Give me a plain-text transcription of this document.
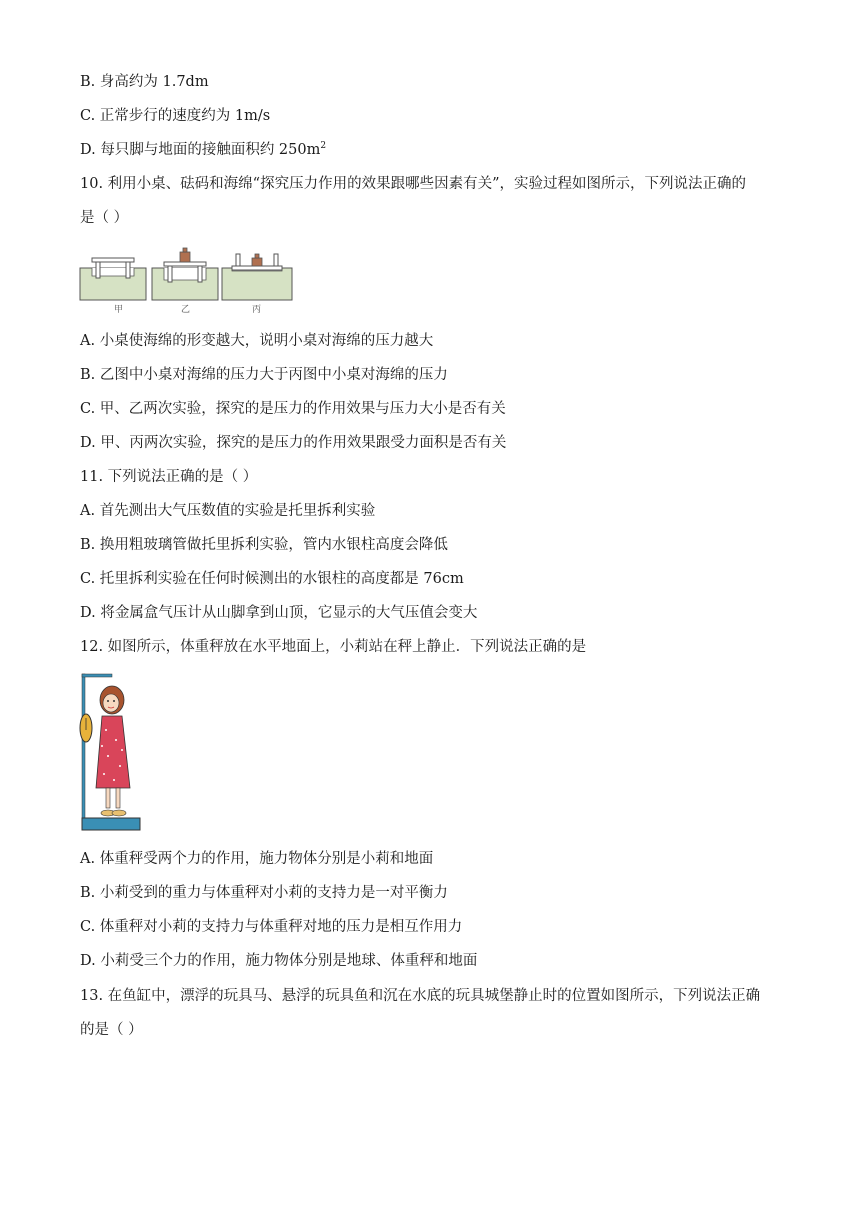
B. 身高约为 1.7dm
C. 正常步行的速度约为 1m/s
D. 每只脚与地面的接触面积约 $250m^2$
10. 利用小桌、砝码和海绵“探究压力作用的效果跟哪些因素有关”，实验过程如图所示，下列说法正确的
是（ ）
甲	乙	丙
A. 小桌使海绵的形变越大，说明小桌对海绵的压力越大
B. 乙图中小桌对海绵的压力大于丙图中小桌对海绵的压力
C. 甲、乙两次实验，探究的是压力的作用效果与压力大小是否有关
D. 甲、丙两次实验，探究的是压力的作用效果跟受力面积是否有关
11. 下列说法正确的是（ ）
A. 首先测出大气压数值的实验是托里拆利实验
B. 换用粗玻璃管做托里拆利实验，管内水银柱高度会降低
C. 托里拆利实验在任何时候测出的水银柱的高度都是 76cm
D. 将金属盒气压计从山脚拿到山顶，它显示的大气压值会变大
12. 如图所示，体重秤放在水平地面上，小莉站在秤上静止．下列说法正确的是
A. 体重秤受两个力的作用，施力物体分别是小莉和地面
B. 小莉受到的重力与体重秤对小莉的支持力是一对平衡力
C. 体重秤对小莉的支持力与体重秤对地的压力是相互作用力
D. 小莉受三个力的作用，施力物体分别是地球、体重秤和地面
13. 在鱼缸中，漂浮的玩具马、悬浮的玩具鱼和沉在水底的玩具城堡静止时的位置如图所示，下列说法正确
的是（ ）
